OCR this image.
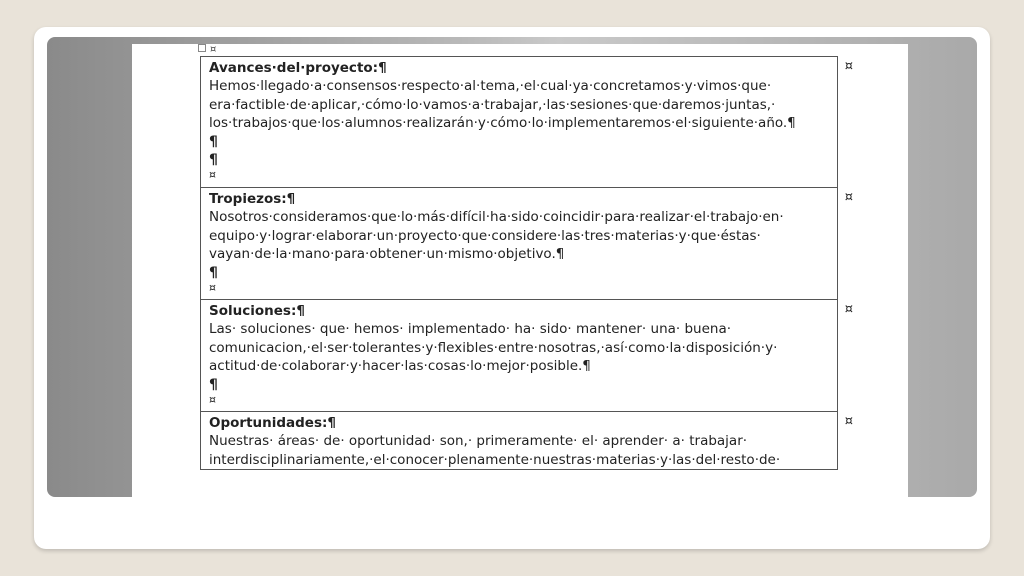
¤
Avances·del·proyecto:¶
Hemos·llegado·a·consensos·respecto·al·tema,·el·cual·ya·concretamos·y·vimos·que·
era·factible·de·aplicar,·cómo·lo·vamos·a·trabajar,·las·sesiones·que·daremos·juntas,·
los·trabajos·que·los·alumnos·realizarán·y·cómo·lo·implementaremos·el·siguiente·año.¶
¶
¶
¤
¤
Tropiezos:¶
Nosotros·consideramos·que·lo·más·difícil·ha·sido·coincidir·para·realizar·el·trabajo·en·
equipo·y·lograr·elaborar·un·proyecto·que·considere·las·tres·materias·y·que·éstas·
vayan·de·la·mano·para·obtener·un·mismo·objetivo.¶
¶
¤
¤
Soluciones:¶
Las· soluciones· que· hemos· implementado· ha· sido· mantener· una· buena·
comunicacion,·el·ser·tolerantes·y·flexibles·entre·nosotras,·así·como·la·disposición·y·
actitud·de·colaborar·y·hacer·las·cosas·lo·mejor·posible.¶
¶
¤
¤
Oportunidades:¶
Nuestras· áreas· de· oportunidad· son,· primeramente· el· aprender· a· trabajar·
interdisciplinariamente,·el·conocer·plenamente·nuestras·materias·y·las·del·resto·de·
¤
